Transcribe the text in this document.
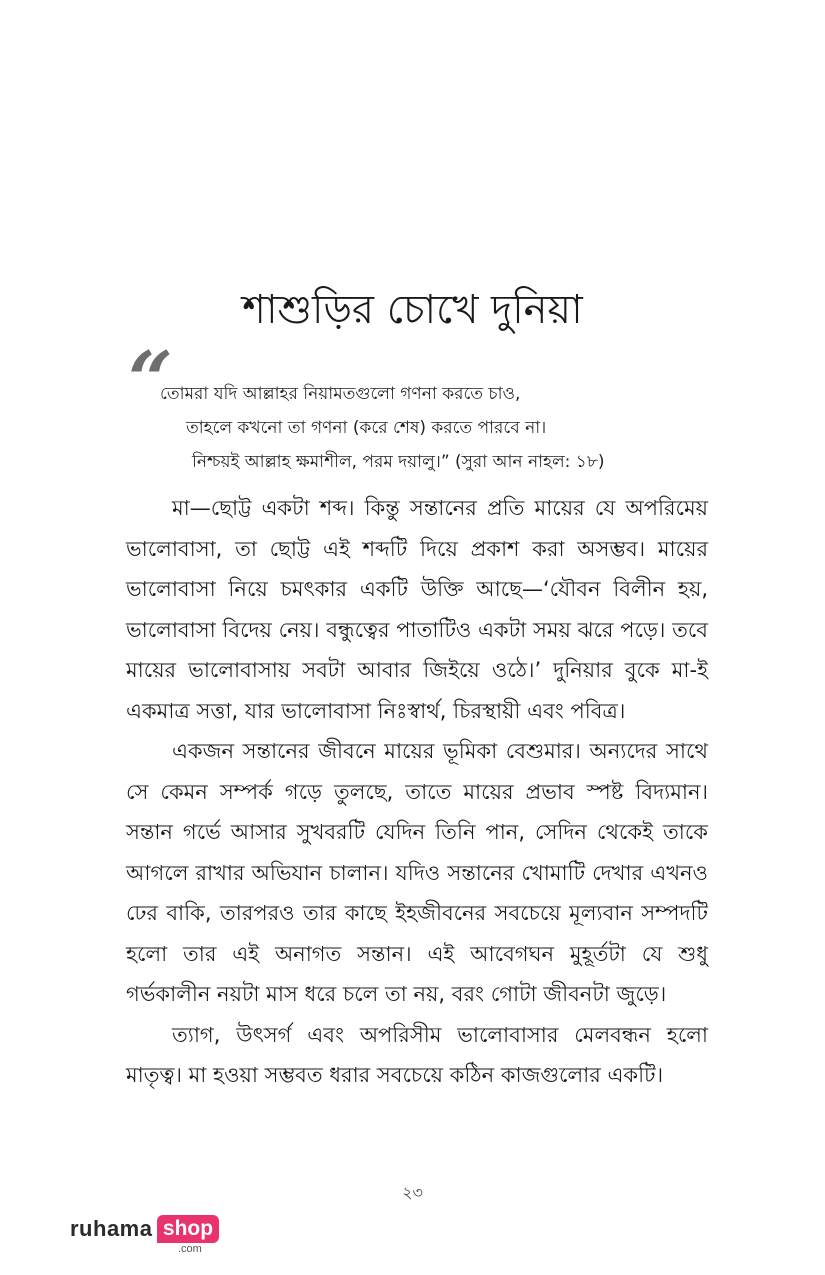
শাশুড়ির চোখে দুনিয়া
“
তোমরা যদি আল্লাহর নিয়ামতগুলো গণনা করতে চাও,
তাহলে কখনো তা গণনা (করে শেষ) করতে পারবে না।
নিশ্চয়ই আল্লাহ ক্ষমাশীল, পরম দয়ালু।” (সুরা আন নাহল: ১৮)

মা—ছোট্ট একটা শব্দ। কিন্তু সন্তানের প্রতি মায়ের যে অপরিমেয় ভালোবাসা, তা ছোট্ট এই শব্দটি দিয়ে প্রকাশ করা অসম্ভব। মায়ের ভালোবাসা নিয়ে চমৎকার একটি উক্তি আছে—‘যৌবন বিলীন হয়, ভালোবাসা বিদেয় নেয়। বন্ধুত্বের পাতাটিও একটা সময় ঝরে পড়ে। তবে মায়ের ভালোবাসায় সবটা আবার জিইয়ে ওঠে।’ দুনিয়ার বুকে মা-ই একমাত্র সত্তা, যার ভালোবাসা নিঃস্বার্থ, চিরস্থায়ী এবং পবিত্র।

একজন সন্তানের জীবনে মায়ের ভূমিকা বেশুমার। অন্যদের সাথে সে কেমন সম্পর্ক গড়ে তুলছে, তাতে মায়ের প্রভাব স্পষ্ট বিদ্যমান। সন্তান গর্ভে আসার সুখবরটি যেদিন তিনি পান, সেদিন থেকেই তাকে আগলে রাখার অভিযান চালান। যদিও সন্তানের খোমাটি দেখার এখনও ঢের বাকি, তারপরও তার কাছে ইহজীবনের সবচেয়ে মূল্যবান সম্পদটি হলো তার এই অনাগত সন্তান। এই আবেগঘন মুহূর্তটা যে শুধু গর্ভকালীন নয়টা মাস ধরে চলে তা নয়, বরং গোটা জীবনটা জুড়ে।

ত্যাগ, উৎসর্গ এবং অপরিসীম ভালোবাসার মেলবন্ধন হলো মাতৃত্ব। মা হওয়া সম্ভবত ধরার সবচেয়ে কঠিন কাজগুলোর একটি।

২৩
ruhama shop
.com
